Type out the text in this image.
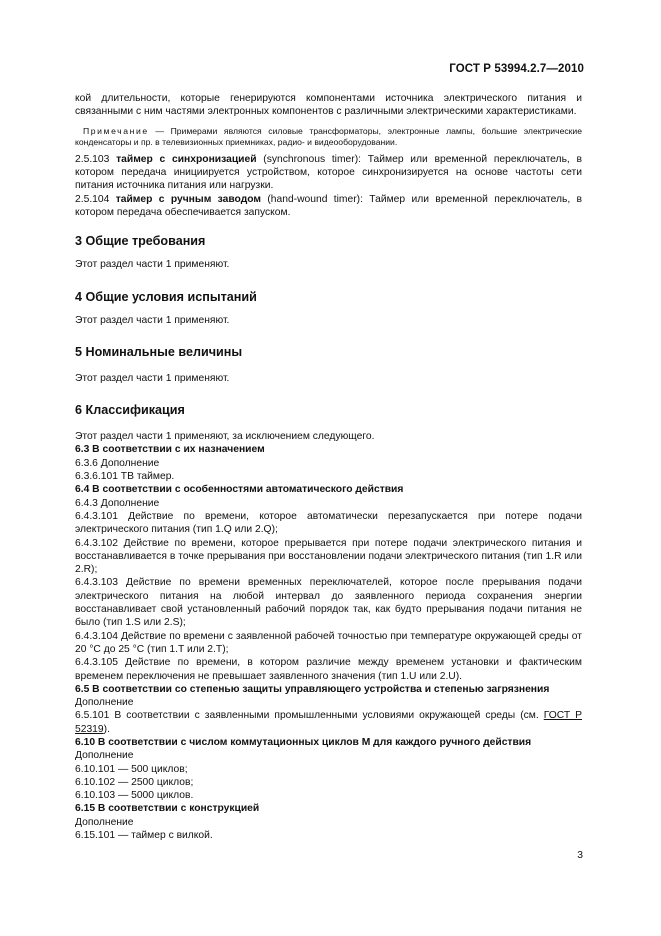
ГОСТ Р 53994.2.7—2010

кой длительности, которые генерируются компонентами источника электрического питания и связанными с ним частями электронных компонентов с различными электрическими характеристиками.

Примечание — Примерами являются силовые трансформаторы, электронные лампы, большие электрические конденсаторы и пр. в телевизионных приемниках, радио- и видеооборудовании.

2.5.103 таймер с синхронизацией (synchronous timer): Таймер или временной переключатель, в котором передача инициируется устройством, которое синхронизируется на основе частоты сети питания источника питания или нагрузки.

2.5.104 таймер с ручным заводом (hand-wound timer): Таймер или временной переключатель, в котором передача обеспечивается запуском.

3 Общие требования

Этот раздел части 1 применяют.

4 Общие условия испытаний

Этот раздел части 1 применяют.

5 Номинальные величины

Этот раздел части 1 применяют.

6 Классификация

Этот раздел части 1 применяют, за исключением следующего.

6.3 В соответствии с их назначением

6.3.6 Дополнение

6.3.6.101 ТВ таймер.

6.4 В соответствии с особенностями автоматического действия

6.4.3 Дополнение

6.4.3.101 Действие по времени, которое автоматически перезапускается при потере подачи электрического питания (тип 1.Q или 2.Q);

6.4.3.102 Действие по времени, которое прерывается при потере подачи электрического питания и восстанавливается в точке прерывания при восстановлении подачи электрического питания (тип 1.R или 2.R);

6.4.3.103 Действие по времени временных переключателей, которое после прерывания подачи электрического питания на любой интервал до заявленного периода сохранения энергии восстанавливает свой установленный рабочий порядок так, как будто прерывания подачи питания не было (тип 1.S или 2.S);

6.4.3.104 Действие по времени с заявленной рабочей точностью при температуре окружающей среды от 20 °С до 25 °С (тип 1.T или 2.T);

6.4.3.105 Действие по времени, в котором различие между временем установки и фактическим временем переключения не превышает заявленного значения (тип 1.U или 2.U).

6.5 В соответствии со степенью защиты управляющего устройства и степенью загрязнения

Дополнение

6.5.101 В соответствии с заявленными промышленными условиями окружающей среды (см. ГОСТ Р 52319).

6.10 В соответствии с числом коммутационных циклов М для каждого ручного действия

Дополнение

6.10.101 — 500 циклов;

6.10.102 — 2500 циклов;

6.10.103 — 5000 циклов.

6.15 В соответствии с конструкцией

Дополнение

6.15.101 — таймер с вилкой.

3
